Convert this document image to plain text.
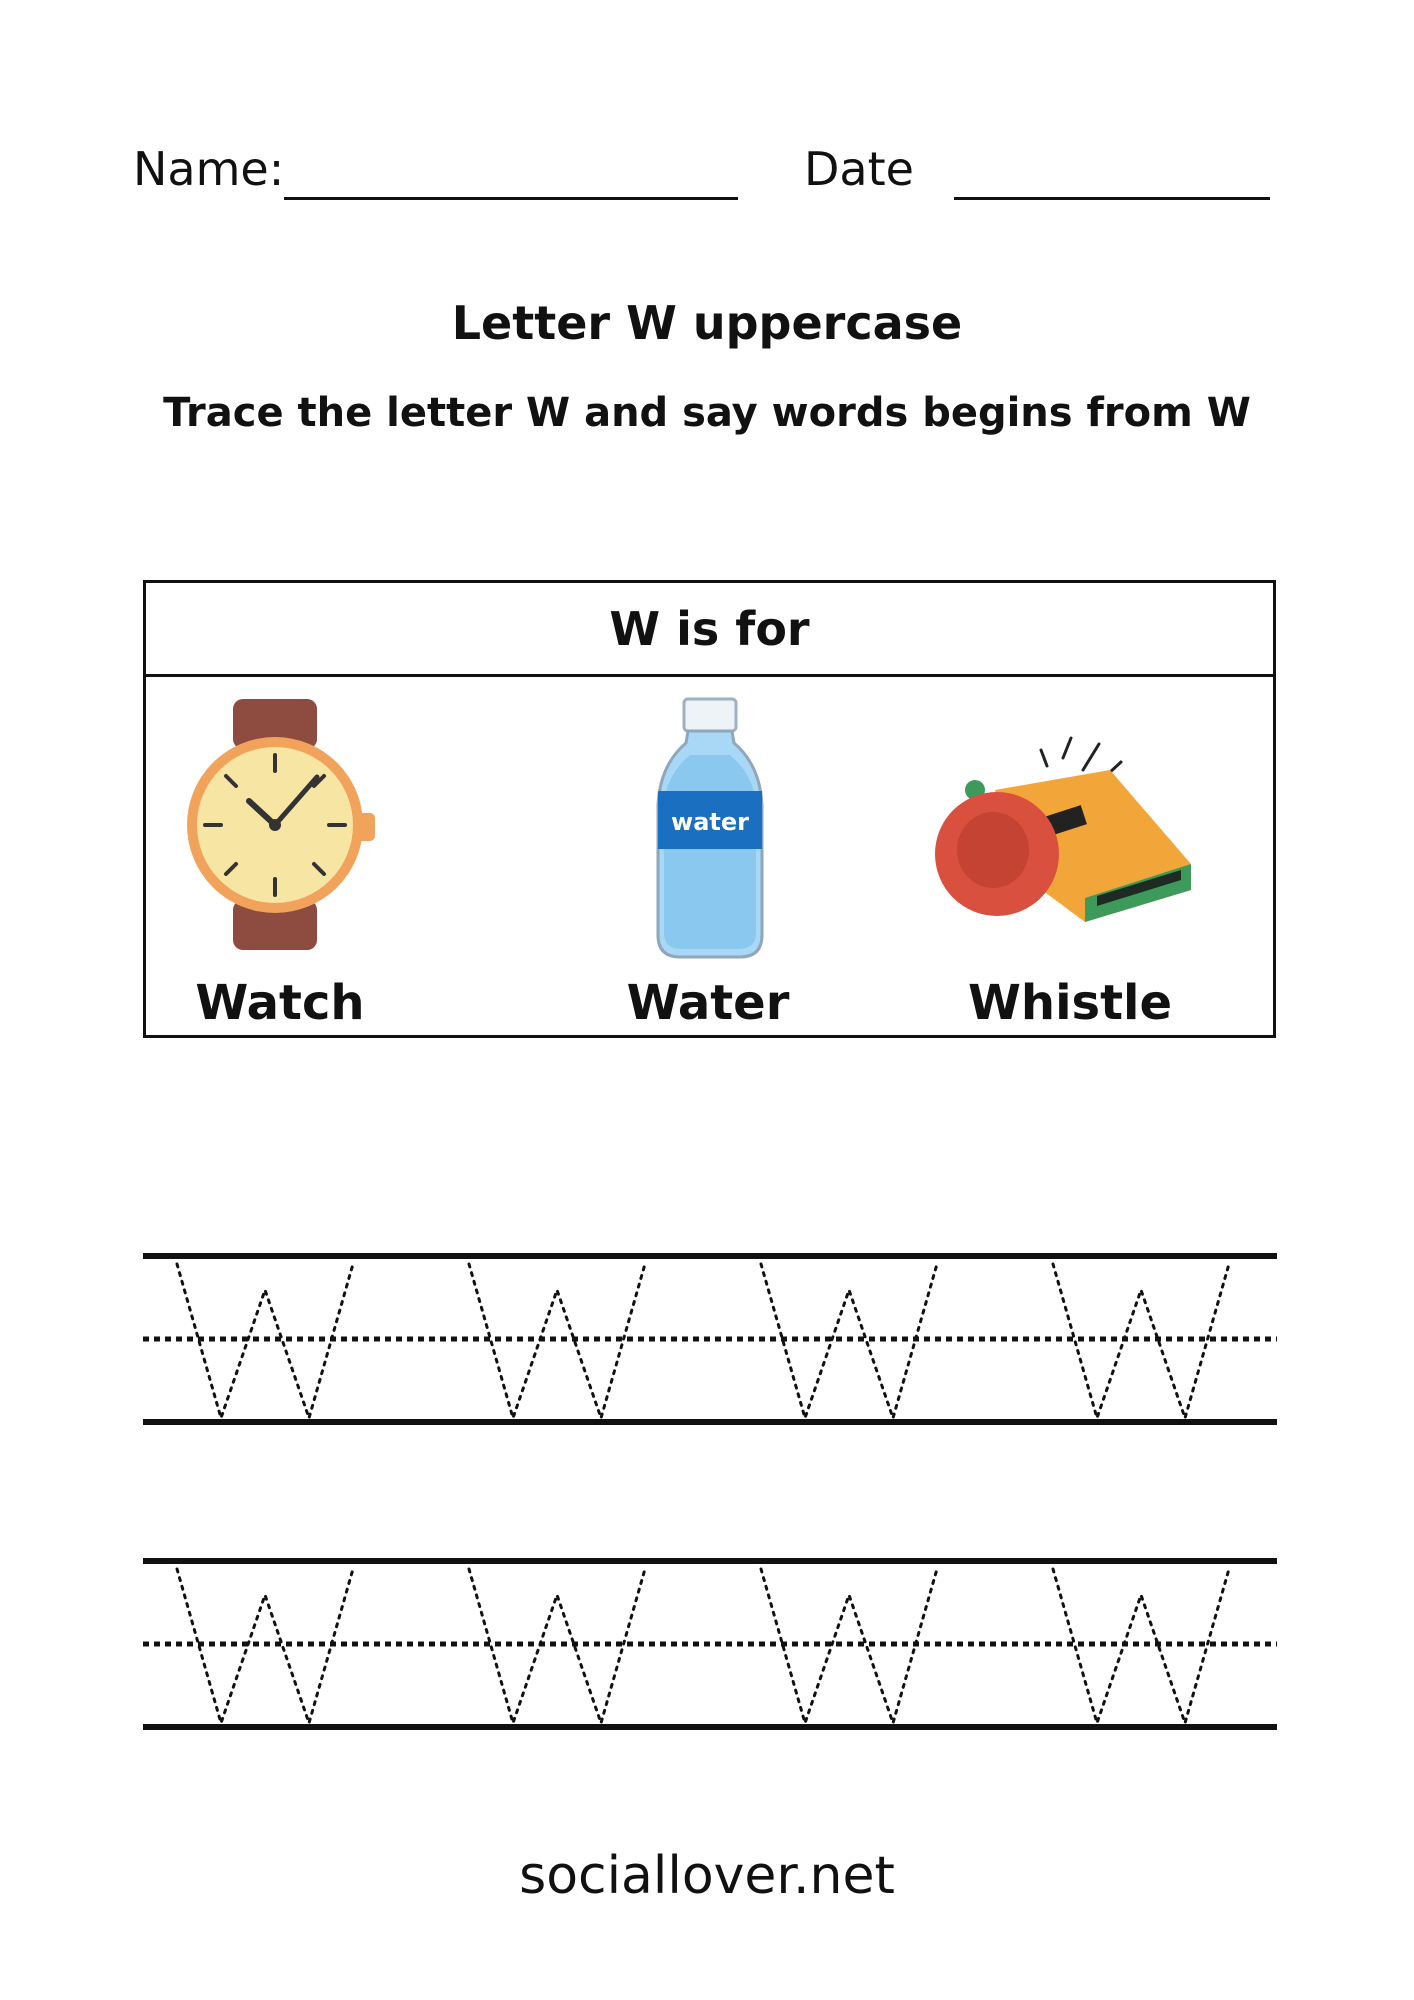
Name:	Date
Letter W uppercase
Trace the letter W and say words begins from W
W is for
water
Watch	Water	Whistle
sociallover.net
